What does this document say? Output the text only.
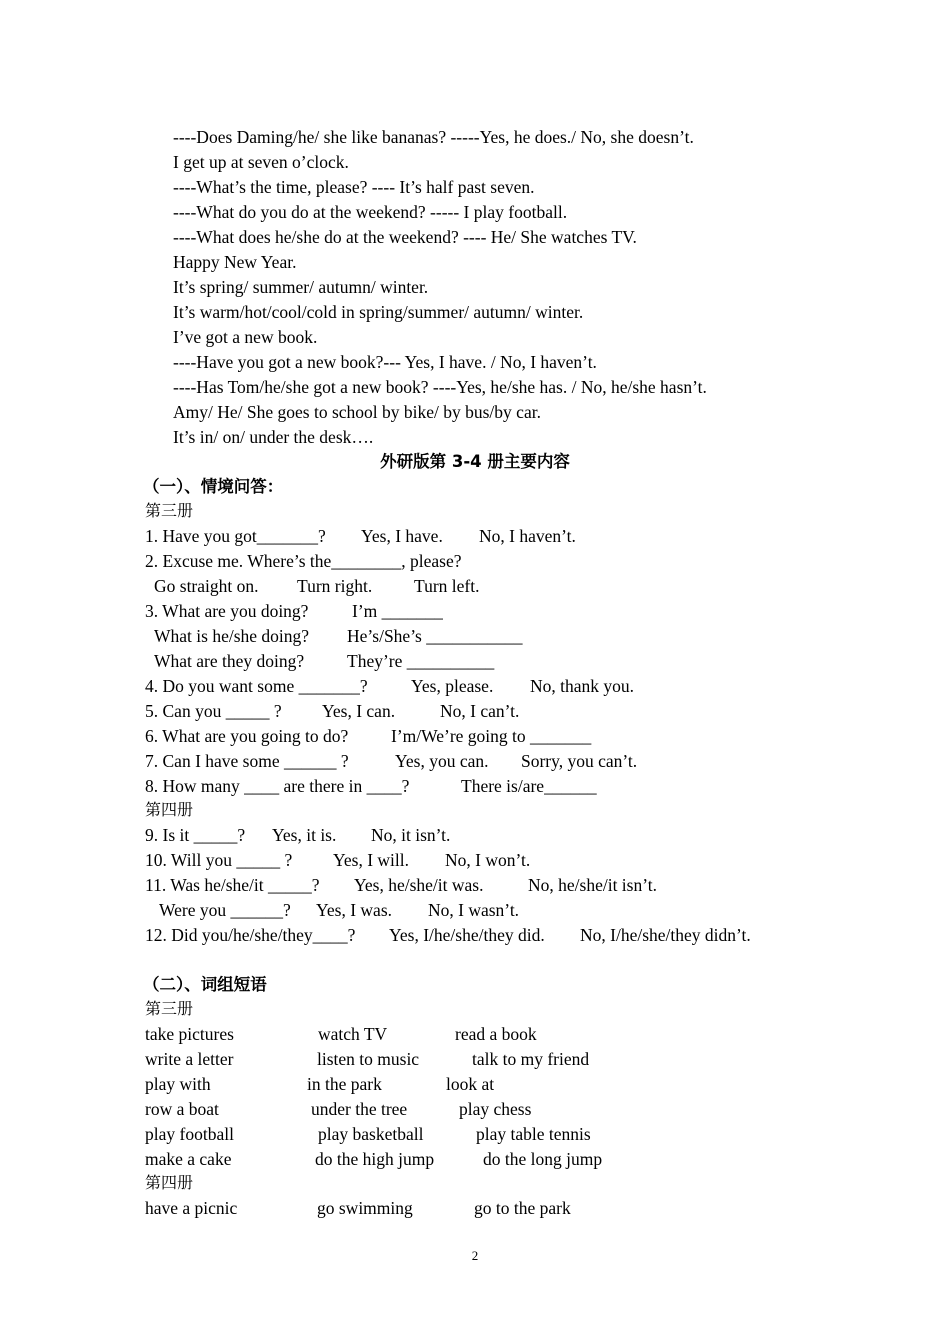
----Does Daming/he/ she like bananas? -----Yes, he does./ No, she doesn’t.
I get up at seven o’clock.
----What’s the time, please? ---- It’s half past seven.
----What do you do at the weekend? ----- I play football.
----What does he/she do at the weekend? ---- He/ She watches TV.
Happy New Year.
It’s spring/ summer/ autumn/ winter.
It’s warm/hot/cool/cold in spring/summer/ autumn/ winter.
I’ve got a new book.
----Have you got a new book?--- Yes, I have. / No, I haven’t.
----Has Tom/he/she got a new book? ----Yes, he/she has. / No, he/she hasn’t.
Amy/ He/ She goes to school by bike/ by bus/by car.
It’s in/ on/ under the desk….
外研版第 3-4 册主要内容
（一）、情境问答：
第三册
1. Have you got_______? Yes, I have. No, I haven’t.
2. Excuse me. Where’s the________, please?
Go straight on. Turn right. Turn left.
3. What are you doing? I’m _______
What is he/she doing? He’s/She’s ___________
What are they doing? They’re __________
4. Do you want some _______? Yes, please. No, thank you.
5. Can you _____ ? Yes, I can.	No, I can’t.
6. What are you going to do? I’m/We’re going to _______
7. Can I have some ______ ?	Yes, you can. Sorry, you can’t.
8. How many ____ are there in ____?	There is/are______
第四册
9. Is it _____? Yes, it is. No, it isn’t.
10. Will you _____ ? Yes, I will. No, I won’t.
11. Was he/she/it _____? Yes, he/she/it was.	No, he/she/it isn’t.
Were you ______? Yes, I was. No, I wasn’t.
12. Did you/he/she/they____? Yes, I/he/she/they did. No, I/he/she/they didn’t.
（二）、词组短语
第三册
take pictures	watch TV	read a book
write a letter	listen to music	talk to my friend
play with	in the park	look at
row a boat	under the tree	play chess
play football	play basketball	play table tennis
make a cake	do the high jump	do the long jump
第四册
have a picnic	go swimming	go to the park
2
